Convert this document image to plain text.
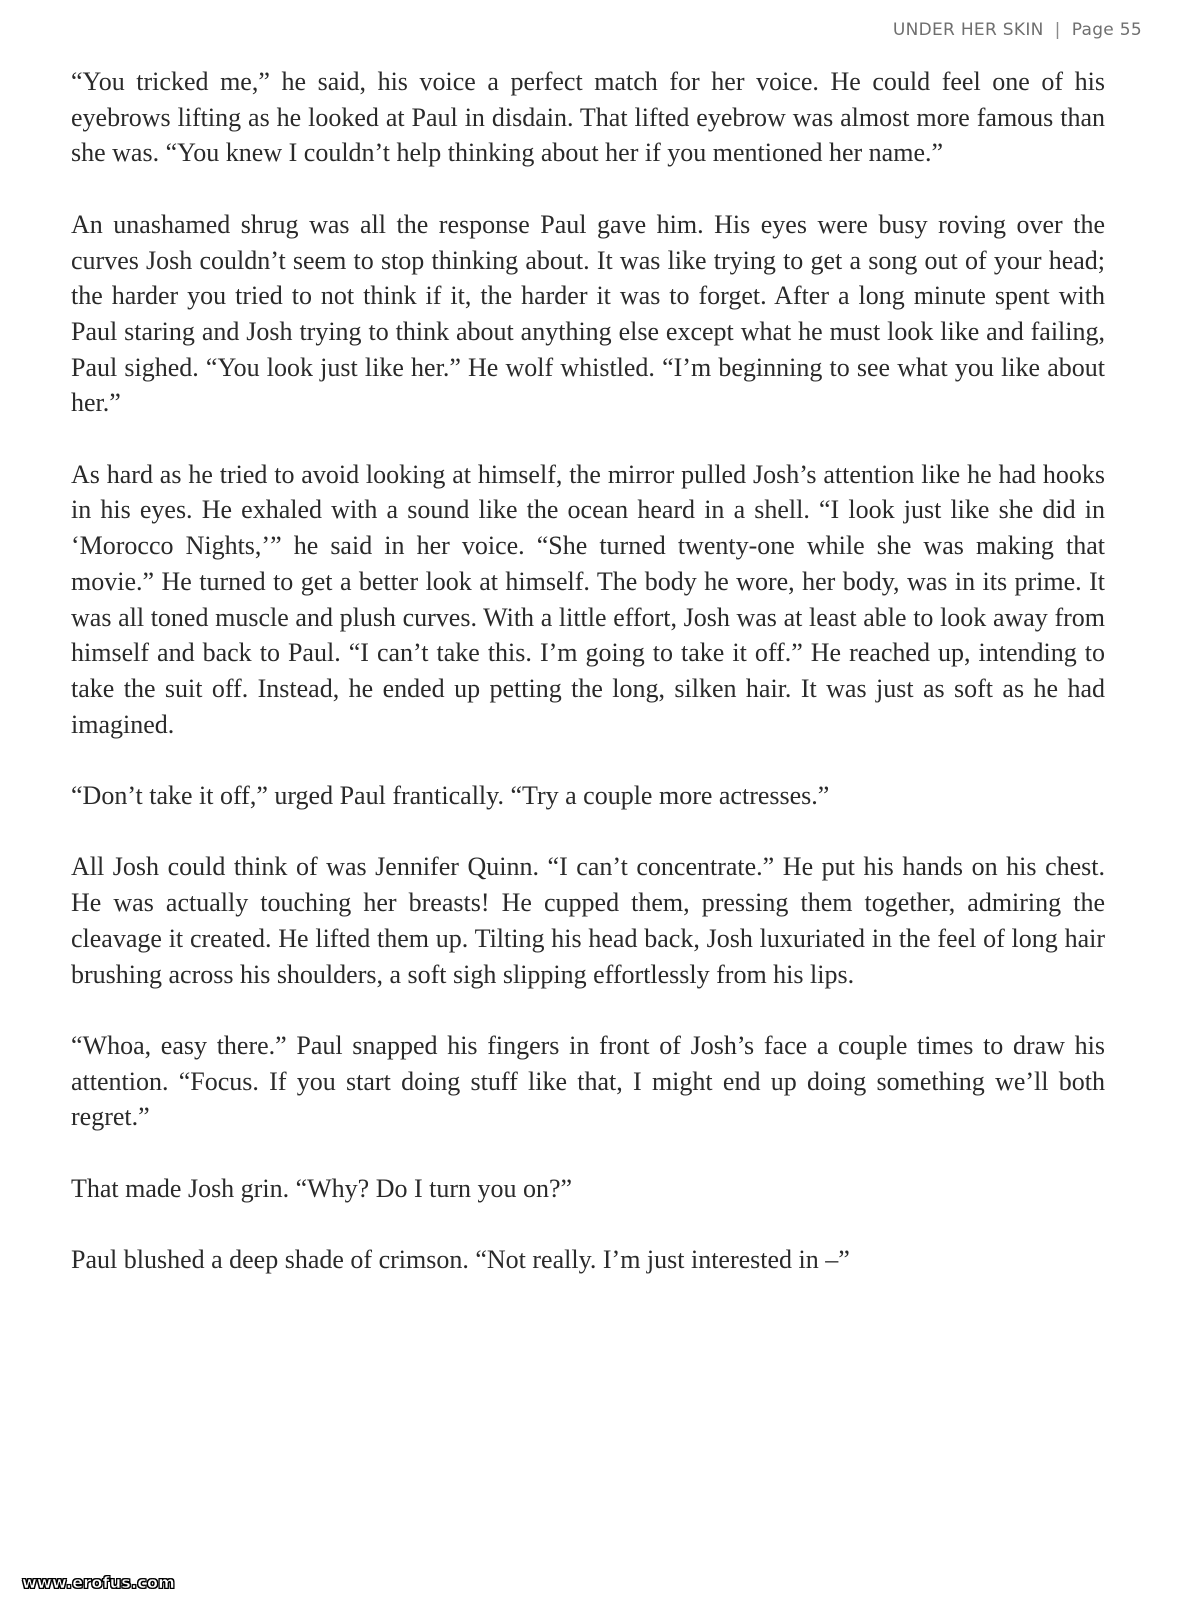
UNDER HER SKIN | Page 55

“You tricked me,” he said, his voice a perfect match for her voice. He could feel one of his eyebrows lifting as he looked at Paul in disdain. That lifted eyebrow was almost more famous than she was. “You knew I couldn’t help thinking about her if you mentioned her name.”

An unashamed shrug was all the response Paul gave him. His eyes were busy roving over the curves Josh couldn’t seem to stop thinking about. It was like trying to get a song out of your head; the harder you tried to not think if it, the harder it was to forget. After a long minute spent with Paul staring and Josh trying to think about anything else except what he must look like and failing, Paul sighed. “You look just like her.” He wolf whistled. “I’m beginning to see what you like about her.”

As hard as he tried to avoid looking at himself, the mirror pulled Josh’s attention like he had hooks in his eyes. He exhaled with a sound like the ocean heard in a shell. “I look just like she did in ‘Morocco Nights,’” he said in her voice. “She turned twenty-one while she was making that movie.” He turned to get a better look at himself. The body he wore, her body, was in its prime. It was all toned muscle and plush curves. With a little effort, Josh was at least able to look away from himself and back to Paul. “I can’t take this. I’m going to take it off.” He reached up, intending to take the suit off. Instead, he ended up petting the long, silken hair. It was just as soft as he had imagined.

“Don’t take it off,” urged Paul frantically. “Try a couple more actresses.”

All Josh could think of was Jennifer Quinn. “I can’t concentrate.” He put his hands on his chest. He was actually touching her breasts! He cupped them, pressing them together, admiring the cleavage it created. He lifted them up. Tilting his head back, Josh luxuriated in the feel of long hair brushing across his shoulders, a soft sigh slipping effortlessly from his lips.

“Whoa, easy there.” Paul snapped his fingers in front of Josh’s face a couple times to draw his attention. “Focus. If you start doing stuff like that, I might end up doing something we’ll both regret.”

That made Josh grin. “Why? Do I turn you on?”

Paul blushed a deep shade of crimson. “Not really. I’m just interested in –”

www.erofus.com
